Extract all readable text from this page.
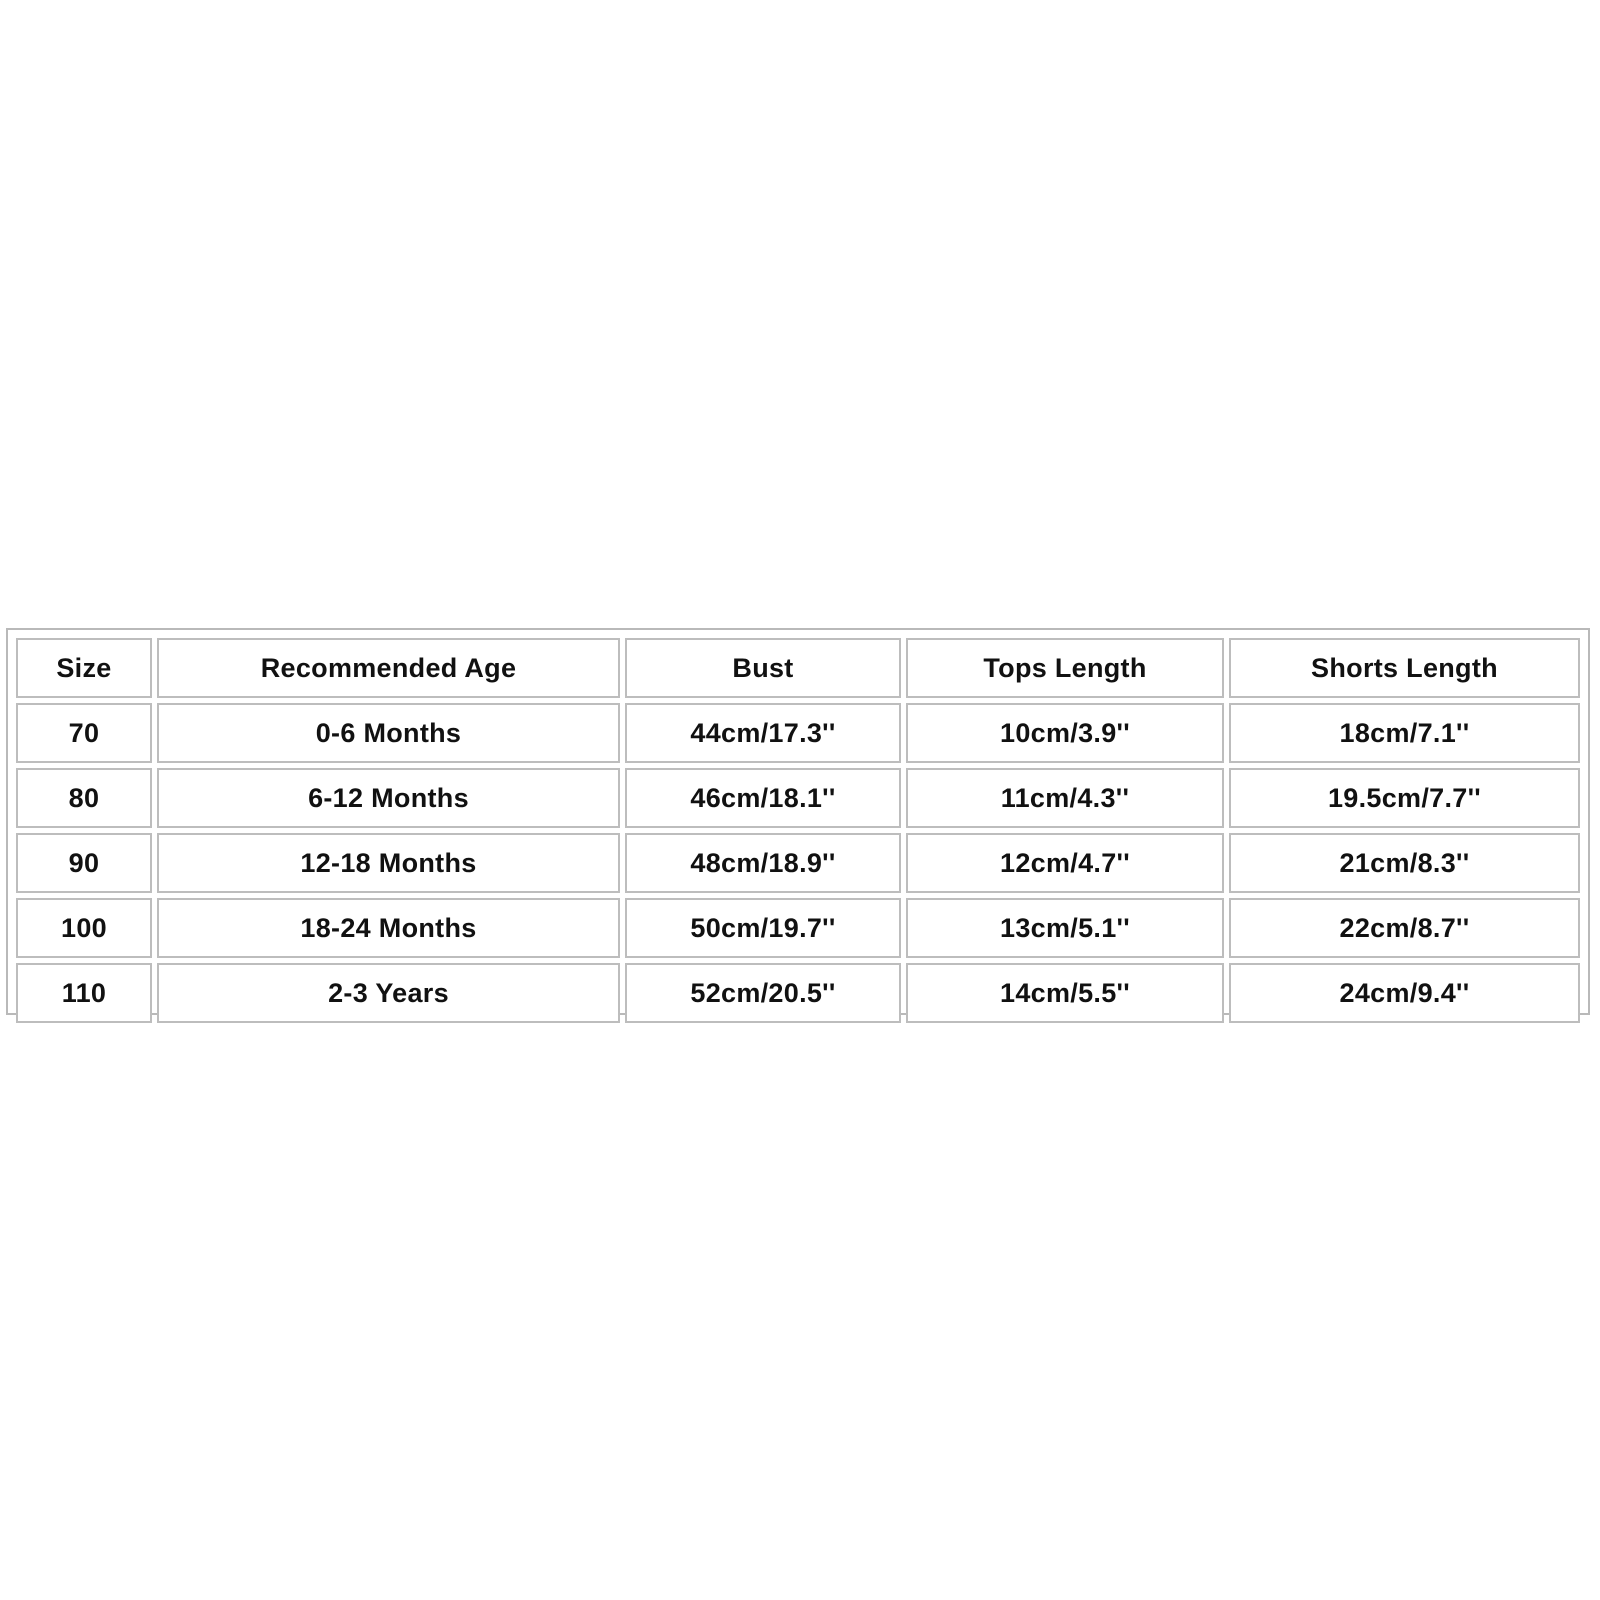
Size	Recommended Age	Bust	Tops Length	Shorts Length
70	0-6 Months	44cm/17.3''	10cm/3.9''	18cm/7.1''
80	6-12 Months	46cm/18.1''	11cm/4.3''	19.5cm/7.7''
90	12-18 Months	48cm/18.9''	12cm/4.7''	21cm/8.3''
100	18-24 Months	50cm/19.7''	13cm/5.1''	22cm/8.7''
110	2-3 Years	52cm/20.5''	14cm/5.5''	24cm/9.4''
